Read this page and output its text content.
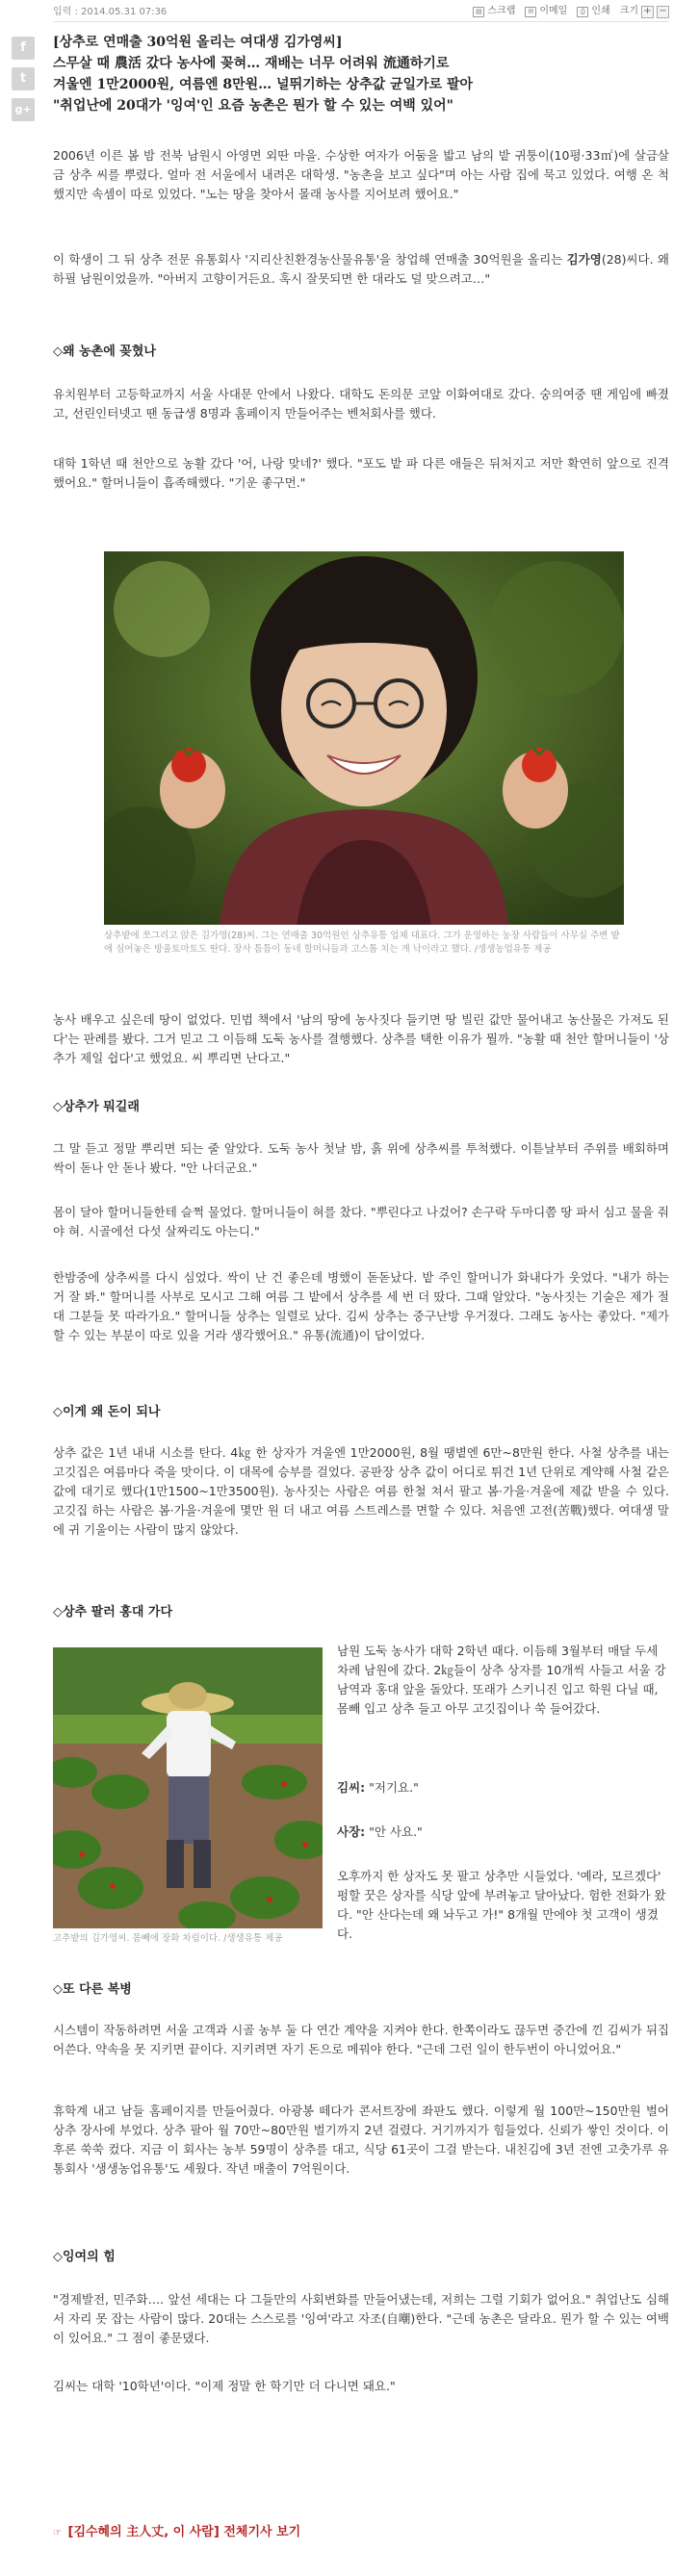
입력 : 2014.05.31 07:36	▤ 스크랩	✉ 이메일	⎙ 인쇄 크기 + −
f
t
g+
[상추로 연매출 30억원 올리는 여대생 김가영씨]
스무살 때 農活 갔다 농사에 꽂혀… 재배는 너무 어려워 流通하기로
겨울엔 1만2000원, 여름엔 8만원… 널뛰기하는 상추값 균일가로 팔아
"취업난에 20대가 '잉여'인 요즘 농촌은 뭔가 할 수 있는 여백 있어"

2006년 이른 봄 밤 전북 남원시 아영면 외딴 마을. 수상한 여자가 어둠을 밟고 남의 밭 귀퉁이(10평·33㎡)에 살금살금 상추 씨를 뿌렸다. 얼마 전 서울에서 내려온 대학생. "농촌을 보고 싶다"며 아는 사람 집에 묵고 있었다. 여행 온 척했지만 속셈이 따로 있었다. "노는 땅을 찾아서 몰래 농사를 지어보려 했어요."

이 학생이 그 뒤 상추 전문 유통회사 '지리산친환경농산물유통'을 창업해 연매출 30억원을 올리는 김가영(28)씨다. 왜 하필 남원이었을까. "아버지 고향이거든요. 혹시 잘못되면 한 대라도 덜 맞으려고…"

◇왜 농촌에 꽂혔나

유치원부터 고등학교까지 서울 사대문 안에서 나왔다. 대학도 돈의문 코앞 이화여대로 갔다. 숭의여중 땐 게임에 빠졌고, 선린인터넷고 땐 동급생 8명과 홈페이지 만들어주는 벤처회사를 했다.

대학 1학년 때 천안으로 농활 갔다 '어, 나랑 맞네?' 했다. "포도 밭 파 다른 애들은 뒤처지고 저만 확연히 앞으로 진격했어요." 할머니들이 흡족해했다. "기운 좋구먼."

상추밭에 쪼그리고 앉은 김가영(28)씨. 그는 연매출 30억원인 상추유통 업체 대표다. 그가 운영하는 농장 사람들이 사무실 주변 밭에 심어놓은 방울토마토도 딴다. 장사 틈틈이 동네 할머니들과 고스톱 치는 게 낙이라고 했다. /생생농업유통 제공

농사 배우고 싶은데 땅이 없었다. 민법 책에서 '남의 땅에 농사짓다 들키면 땅 빌린 값만 물어내고 농산물은 가져도 된다'는 판례를 봤다. 그거 믿고 그 이듬해 도둑 농사를 결행했다. 상추를 택한 이유가 뭘까. "농활 때 천안 할머니들이 '상추가 제일 쉽다'고 했었요. 씨 뿌리면 난다고."

◇상추가 뭐길래

그 말 듣고 정말 뿌리면 되는 줄 알았다. 도둑 농사 첫날 밤, 흙 위에 상추씨를 투척했다. 이튿날부터 주위를 배회하며 싹이 돋나 안 돋나 봤다. "안 나더군요."

몸이 달아 할머니들한테 슬쩍 물었다. 할머니들이 혀를 찼다. "뿌린다고 나겄어? 손구락 두마디쯤 땅 파서 심고 물을 줘야 혀. 시골에선 다섯 살짜리도 아는디."

한밤중에 상추씨를 다시 심었다. 싹이 난 건 좋은데 병했이 돋돋났다. 밭 주인 할머니가 화내다가 웃었다. "내가 하는 거 잘 봐." 할머니를 사부로 모시고 그해 여름 그 밭에서 상추를 세 번 더 땄다. 그때 알았다. "농사짓는 기술은 제가 절대 그분들 못 따라가요." 할머니들 상추는 일렬로 났다. 김씨 상추는 중구난방 우거졌다. 그래도 농사는 좋았다. "제가 할 수 있는 부분이 따로 있을 거라 생각했어요." 유통(流通)이 답이었다.

◇이게 왜 돈이 되나

상추 값은 1년 내내 시소를 탄다. 4㎏ 한 상자가 겨울엔 1만2000원, 8월 땡볕엔 6만~8만원 한다. 사철 상추를 내는 고깃집은 여름마다 죽을 맛이다. 이 대목에 승부를 걸었다. 공판장 상추 값이 어디로 튀건 1년 단위로 계약해 사철 같은 값에 대기로 했다(1만1500~1만3500원). 농사짓는 사람은 여름 한철 쳐서 팔고 봄·가을·겨울에 제값 받을 수 있다. 고깃집 하는 사람은 봄·가을·겨울에 몇만 원 더 내고 여름 스트레스를 면할 수 있다. 처음엔 고전(苦戰)했다. 여대생 말에 귀 기울이는 사람이 많지 않았다.

◇상추 팔러 홍대 가다

고추밭의 김가영씨. 몸빼에 장화 차림이다. /생생유통 제공

남원 도둑 농사가 대학 2학년 때다. 이듬해 3월부터 매달 두세 차례 남원에 갔다. 2㎏들이 상추 상자를 10개씩 사들고 서울 강남역과 홍대 앞을 돌았다. 또래가 스키니진 입고 학원 다닐 때, 몸빼 입고 상추 들고 아무 고깃집이나 쑥 들어갔다.

김씨: "저기요."

사장: "안 사요."

오후까지 한 상자도 못 팔고 상추만 시들었다. '예라, 모르겠다' 펑할 꿋은 상자를 식당 앞에 부려놓고 달아났다. 험한 전화가 왔다. "안 산다는데 왜 놔두고 가!" 8개월 만에야 첫 고객이 생겼다.

◇또 다른 복병

시스템이 작동하려면 서울 고객과 시골 농부 둘 다 연간 계약을 지켜야 한다. 한쪽이라도 끊두면 중간에 낀 김씨가 뒤집어쓴다. 약속을 못 지키면 끝이다. 지키려면 자기 돈으로 메꿔야 한다. "근데 그런 일이 한두번이 아니었어요."

휴학계 내고 남들 홈페이지를 만들어줬다. 아광봉 떼다가 콘서트장에 좌판도 했다. 이렇게 월 100만~150만원 벌어 상추 장사에 부었다. 상추 팔아 월 70만~80만원 벌기까지 2년 걸렸다. 거기까지가 힘들었다. 신뢰가 쌓인 것이다. 이후론 쑥쑥 컸다. 지금 이 회사는 농부 59명이 상추를 대고, 식당 61곳이 그걸 받는다. 내친김에 3년 전엔 고춧가루 유통회사 '생생농업유통'도 세웠다. 작년 매출이 7억원이다.

◇잉여의 힘

"경제발전, 민주화…. 앞선 세대는 다 그들만의 사회변화를 만들어냈는데, 저희는 그럴 기회가 없어요." 취업난도 심해서 자리 못 잡는 사람이 많다. 20대는 스스로를 '잉여'라고 자조(自嘲)한다. "근데 농촌은 달라요. 뭔가 할 수 있는 여백이 있어요." 그 점이 좋문댔다.

김씨는 대학 '10학년'이다. "이제 정말 한 학기만 더 다니면 돼요."

☞ [김수혜의 主人丈, 이 사람] 전체기사 보기
